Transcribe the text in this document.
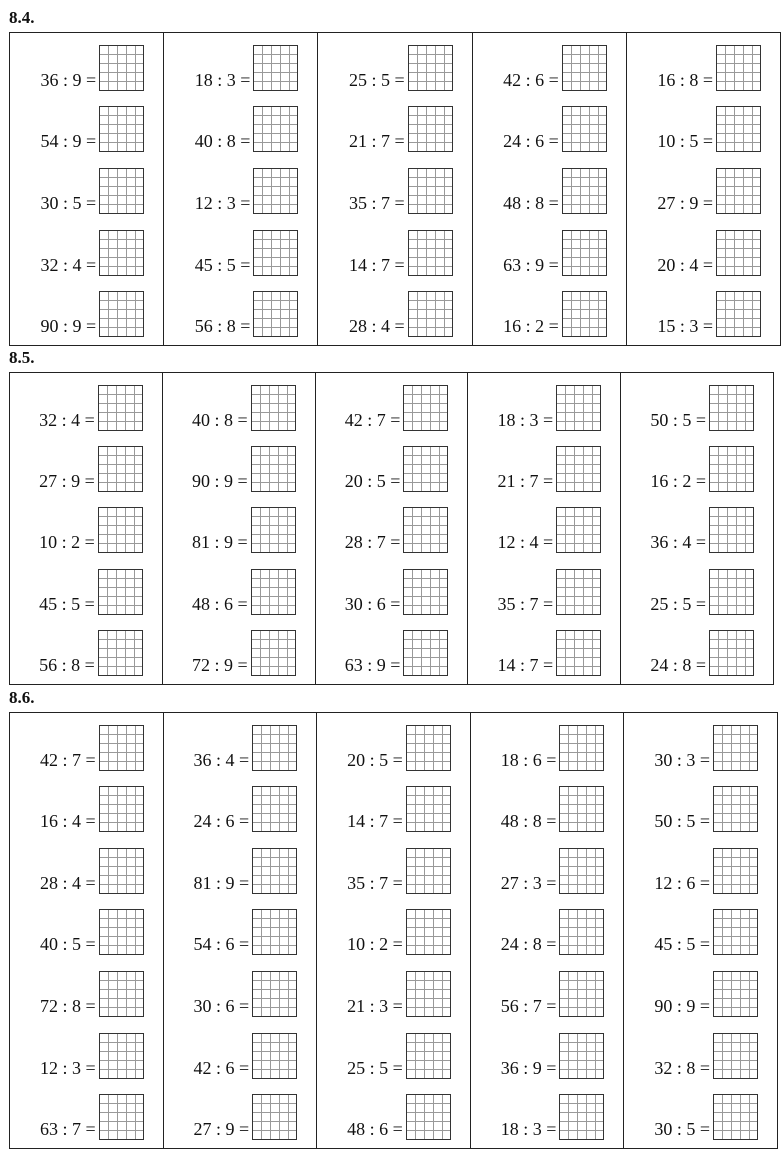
8.4.
36 : 9 =
54 : 9 =
30 : 5 =
32 : 4 =
90 : 9 =
18 : 3 =
40 : 8 =
12 : 3 =
45 : 5 =
56 : 8 =
25 : 5 =
21 : 7 =
35 : 7 =
14 : 7 =
28 : 4 =
42 : 6 =
24 : 6 =
48 : 8 =
63 : 9 =
16 : 2 =
16 : 8 =
10 : 5 =
27 : 9 =
20 : 4 =
15 : 3 =
8.5.
32 : 4 =
27 : 9 =
10 : 2 =
45 : 5 =
56 : 8 =
40 : 8 =
90 : 9 =
81 : 9 =
48 : 6 =
72 : 9 =
42 : 7 =
20 : 5 =
28 : 7 =
30 : 6 =
63 : 9 =
18 : 3 =
21 : 7 =
12 : 4 =
35 : 7 =
14 : 7 =
50 : 5 =
16 : 2 =
36 : 4 =
25 : 5 =
24 : 8 =
8.6.
42 : 7 =
16 : 4 =
28 : 4 =
40 : 5 =
72 : 8 =
12 : 3 =
63 : 7 =
36 : 4 =
24 : 6 =
81 : 9 =
54 : 6 =
30 : 6 =
42 : 6 =
27 : 9 =
20 : 5 =
14 : 7 =
35 : 7 =
10 : 2 =
21 : 3 =
25 : 5 =
48 : 6 =
18 : 6 =
48 : 8 =
27 : 3 =
24 : 8 =
56 : 7 =
36 : 9 =
18 : 3 =
30 : 3 =
50 : 5 =
12 : 6 =
45 : 5 =
90 : 9 =
32 : 8 =
30 : 5 =
